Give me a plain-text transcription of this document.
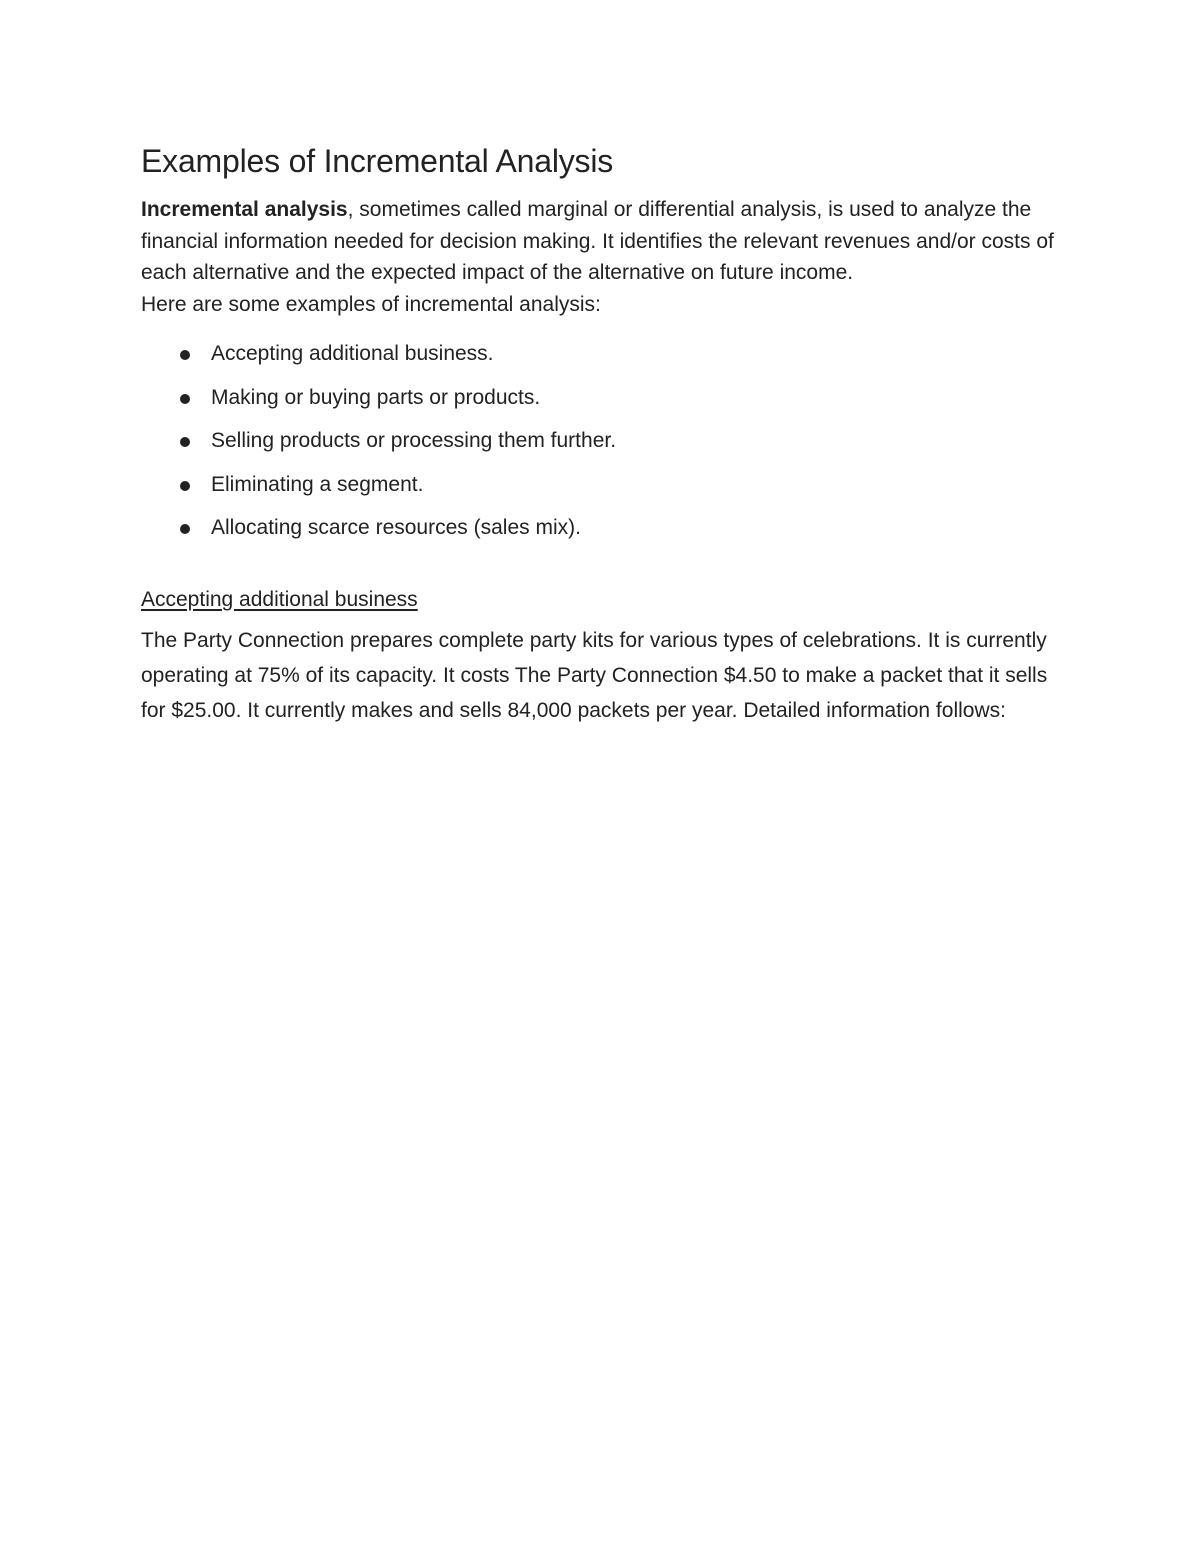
Examples of Incremental Analysis

Incremental analysis, sometimes called marginal or differential analysis, is used to analyze the financial information needed for decision making. It identifies the relevant revenues and/or costs of each alternative and the expected impact of the alternative on future income.
Here are some examples of incremental analysis:

Accepting additional business.
Making or buying parts or products.
Selling products or processing them further.
Eliminating a segment.
Allocating scarce resources (sales mix).
Accepting additional business

The Party Connection prepares complete party kits for various types of celebrations. It is currently operating at 75% of its capacity. It costs The Party Connection $4.50 to make a packet that it sells for $25.00. It currently makes and sells 84,000 packets per year. Detailed information follows:
